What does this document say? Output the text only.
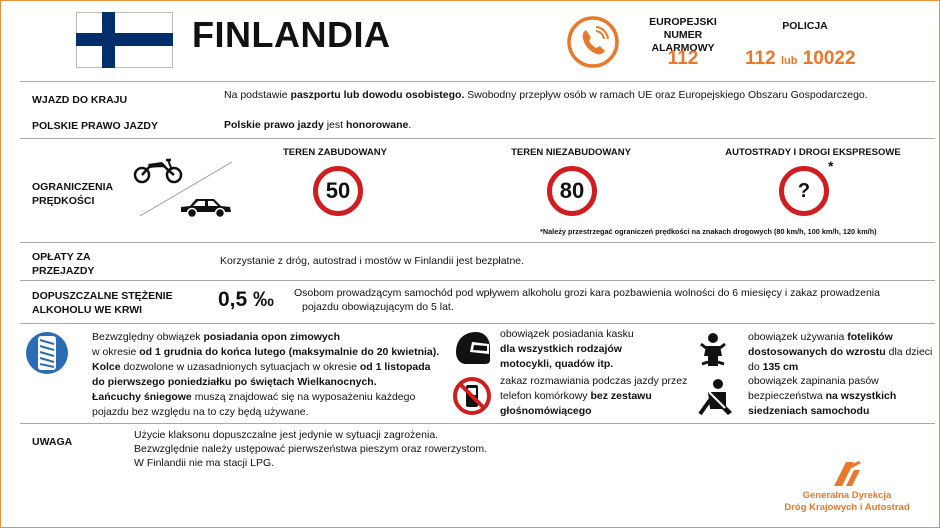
FINLANDIA	EUROPEJSKI NUMER
ALARMOWY
112
POLICJA
112 lub 10022
WJAZD DO KRAJU	Na podstawie paszportu lub dowodu osobistego. Swobodny przepływ osób w ramach UE oraz Europejskiego Obszaru Gospodarczego.
POLSKIE PRAWO JAZDY	Polskie prawo jazdy jest honorowane.
OGRANICZENIA
PRĘDKOŚCI
TEREN ZABUDOWANY
50
TEREN NIEZABUDOWANY
80
AUTOSTRADY I DROGI EKSPRESOWE
?
*
*Należy przestrzegać ograniczeń prędkości na znakach drogowych (80 km/h, 100 km/h, 120 km/h)
OPŁATY ZA
PRZEJAZDY
Korzystanie z dróg, autostrad i mostów w Finlandii jest bezpłatne.
DOPUSZCZALNE STĘŻENIE
ALKOHOLU WE KRWI	0,5 ‰ Osobom prowadzącym samochód pod wpływem alkoholu grozi kara pozbawienia wolności do 6 miesięcy i zakaz prowadzenia
pojazdu obowiązującym do 5 lat.
Bezwzględny obwiązek posiadania opon zimowych
w okresie od 1 grudnia do końca lutego (maksymalnie do 20 kwietnia).
Kolce dozwolone w uzasadnionych sytuacjach w okresie od 1 listopada
do pierwszego poniedziałku po świętach Wielkanocnych.
Łańcuchy śniegowe muszą znajdować się na wyposażeniu każdego
pojazdu bez względu na to czy będą używane.
obowiązek posiadania kasku
dla wszystkich rodzajów
motocykli, quadów itp.
zakaz rozmawiania podczas jazdy przez
telefon komórkowy bez zestawu
głośnomówiącego
obowiązek używania fotelików
dostosowanych do wzrostu dla dzieci
do 135 cm
obowiązek zapinania pasów
bezpieczeństwa na wszystkich
siedzeniach samochodu
UWAGA
Użycie klaksonu dopuszczalne jest jedynie w sytuacji zagrożenia.
Bezwzględnie należy ustępować pierwszeństwa pieszym oraz rowerzystom.
W Finlandii nie ma stacji LPG.
Generalna Dyrekcja
Dróg Krajowych i Autostrad
